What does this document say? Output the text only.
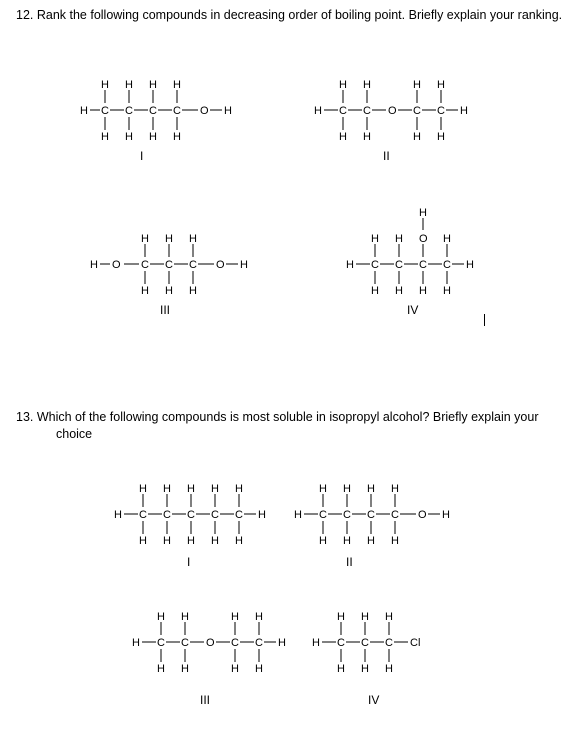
12. Rank the following compounds in decreasing order of boiling point. Briefly explain your ranking.
13. Which of the following compounds is most soluble in isopropyl alcohol? Briefly explain your
choice
H C C C C O H
H H H H
H H H H
I
H C C O C C H
H H	H H
H H	H H
II
H O C C C O H
H H H
H H H
III
H C C C C H
H H O H
H
H H H H
IV
H C C C C C H
H H H H H
H H H H H
I
H C C C C O H
H H H H
H H H H
II
H C C O C C H
H H	H H
H H	H H
III
H C C C Cl
H H H
H H H
IV
